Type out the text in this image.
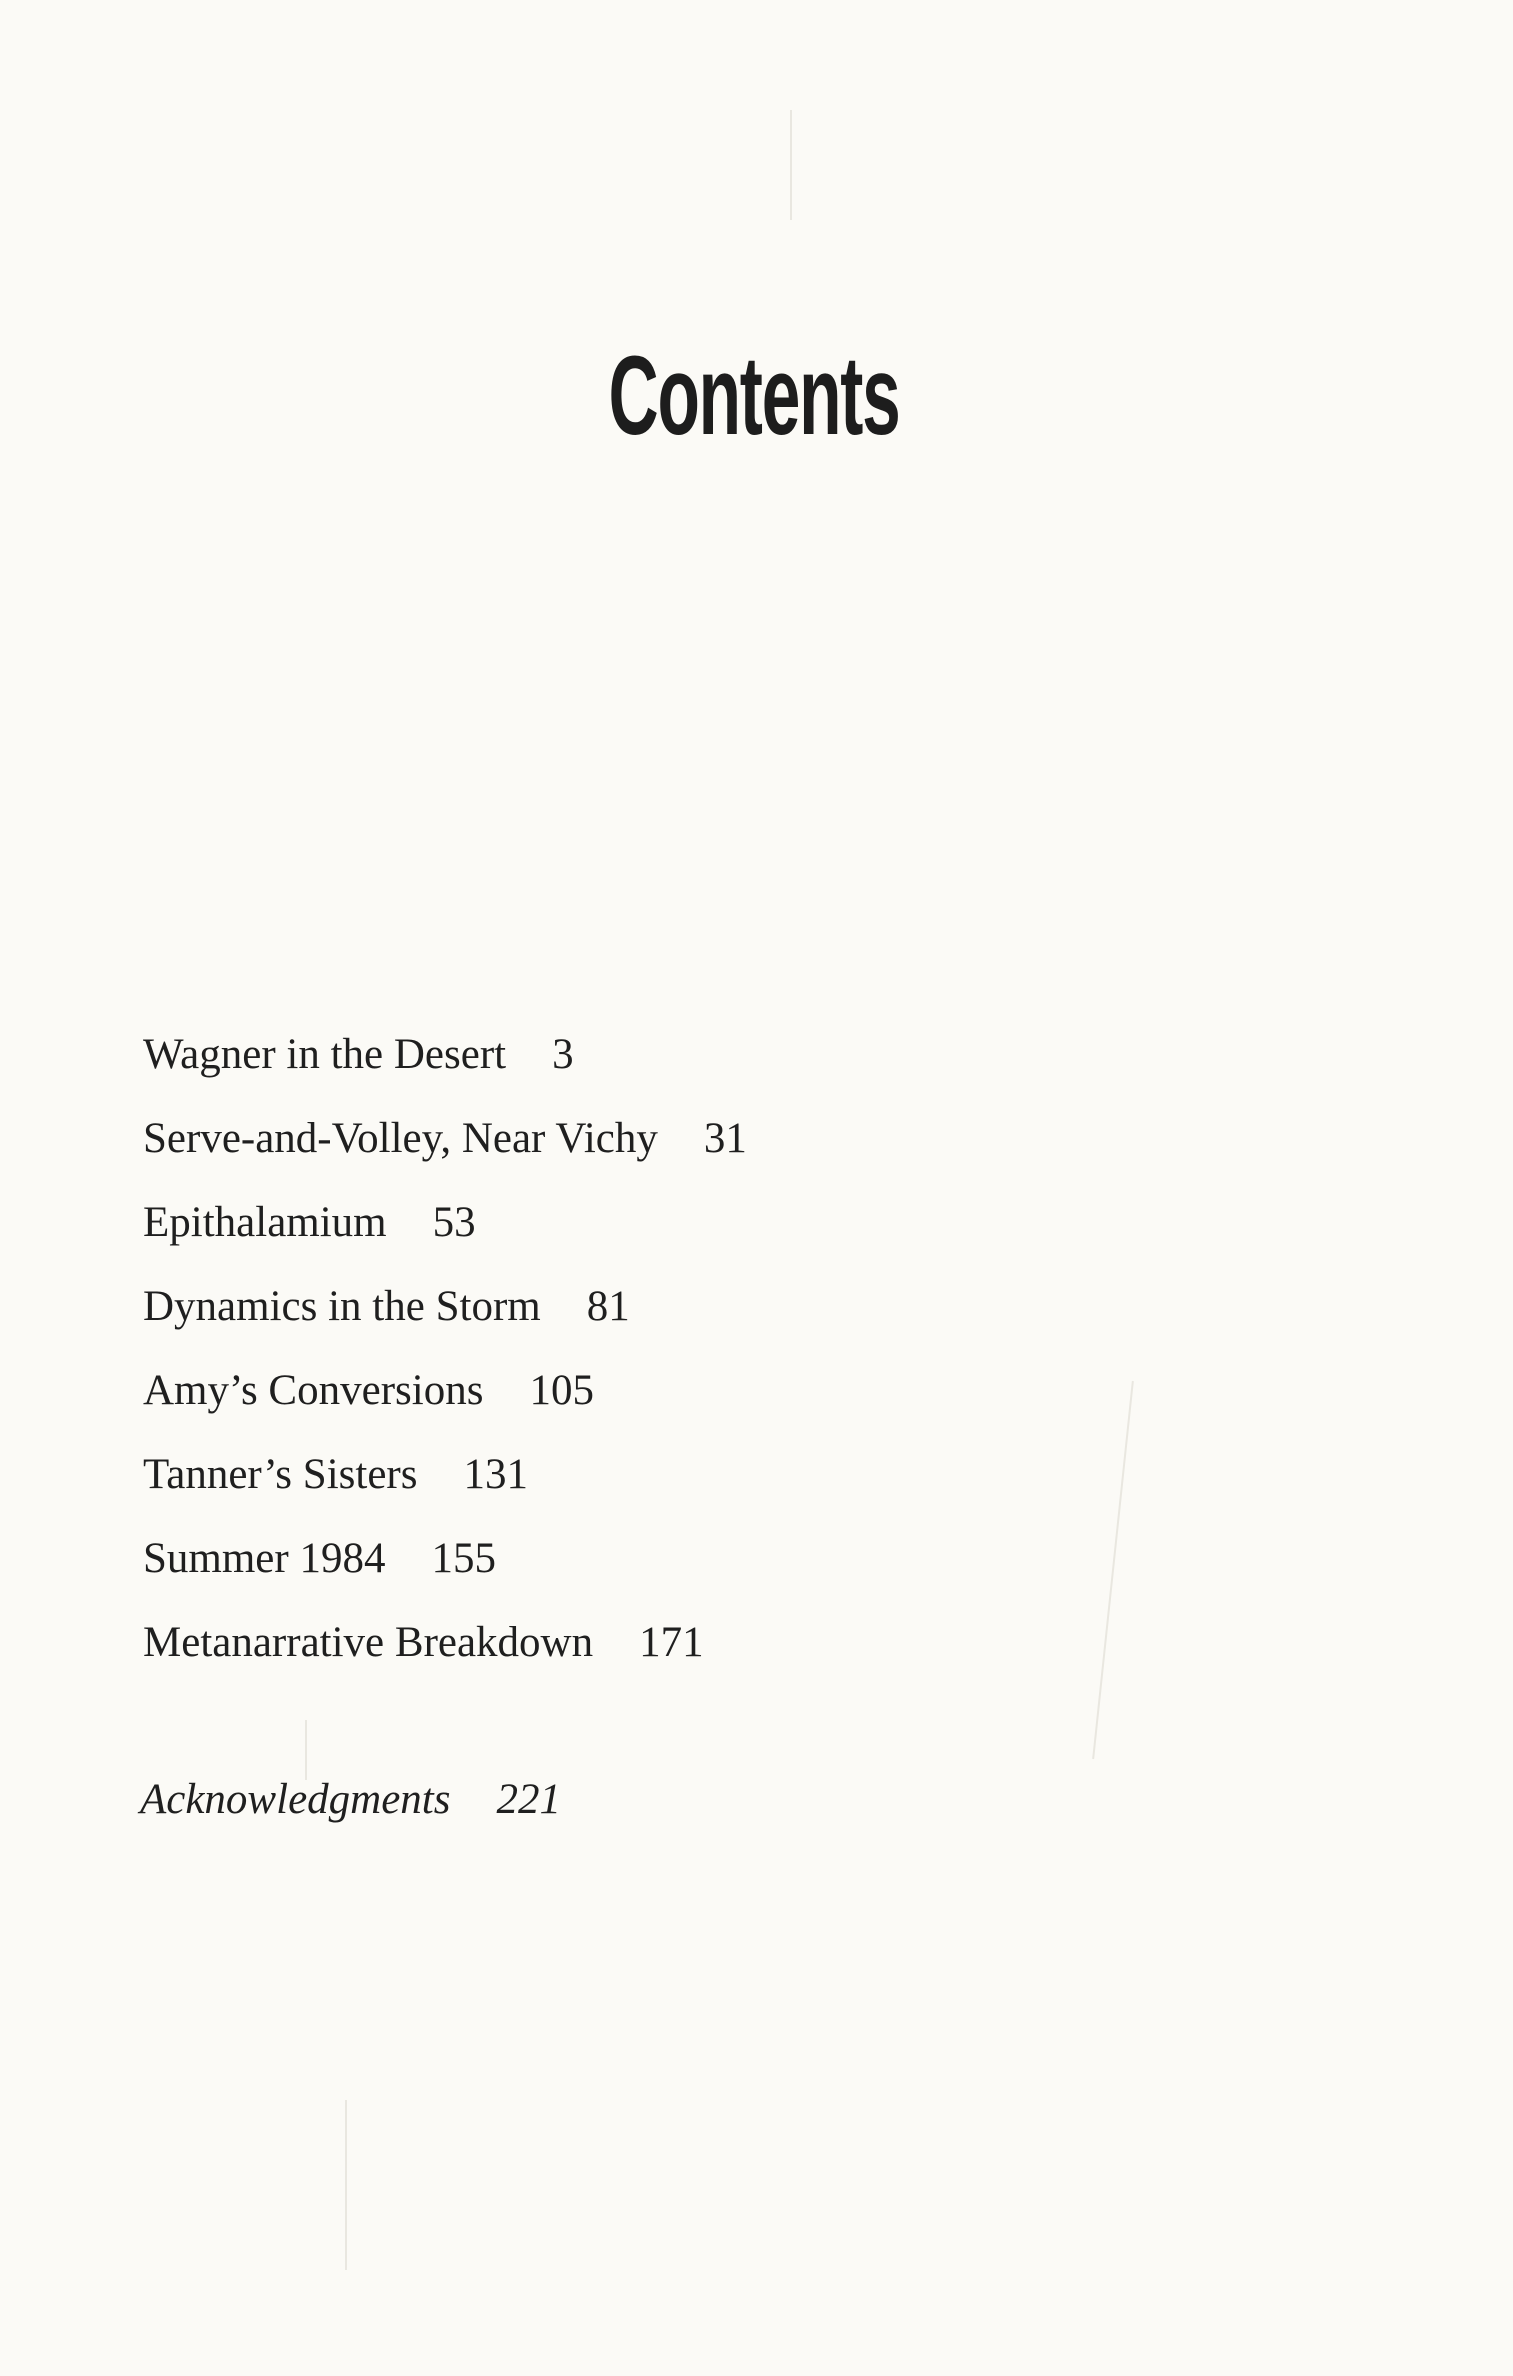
Contents
Wagner in the Desert 3
Serve-and-Volley, Near Vichy 31
Epithalamium 53
Dynamics in the Storm 81
Amy’s Conversions 105
Tanner’s Sisters 131
Summer 1984 155
Metanarrative Breakdown 171
Acknowledgments 221
